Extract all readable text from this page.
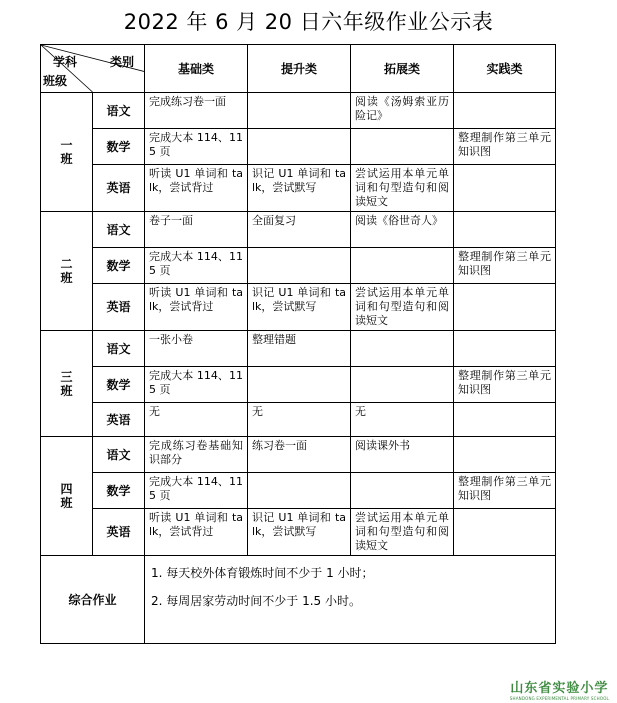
2022 年 6 月 20 日六年级作业公示表
学科 类别
班级		基础类	提升类	拓展类	实践类

一
班	语文	完成练习卷一面		阅读《汤姆索亚历险记》	
	数学	完成大本 114、115 页			整理制作第三单元知识图
	英语	听读 U1 单词和 talk，尝试背过	识记 U1 单词和 talk，尝试默写	尝试运用本单元单词和句型造句和阅读短文	

二
班	语文	卷子一面	全面复习	阅读《俗世奇人》	
	数学	完成大本 114、115 页			整理制作第三单元知识图
	英语	听读 U1 单词和 talk，尝试背过	识记 U1 单词和 talk，尝试默写	尝试运用本单元单词和句型造句和阅读短文	

三
班	语文	一张小卷	整理错题		
	数学	完成大本 114、115 页			整理制作第三单元知识图
	英语	无	无	无	

四
班	语文	完成练习卷基础知识部分	练习卷一面	阅读课外书	
	数学	完成大本 114、115 页			整理制作第三单元知识图
	英语	听读 U1 单词和 talk，尝试背过	识记 U1 单词和 talk，尝试默写	尝试运用本单元单词和句型造句和阅读短文	
综合作业		1. 每天校外体育锻炼时间不少于 1 小时；

2. 每周居家劳动时间不少于 1.5 小时。			

山东省实验小学
SHANDONG EXPERIMENTAL PRIMARY SCHOOL
